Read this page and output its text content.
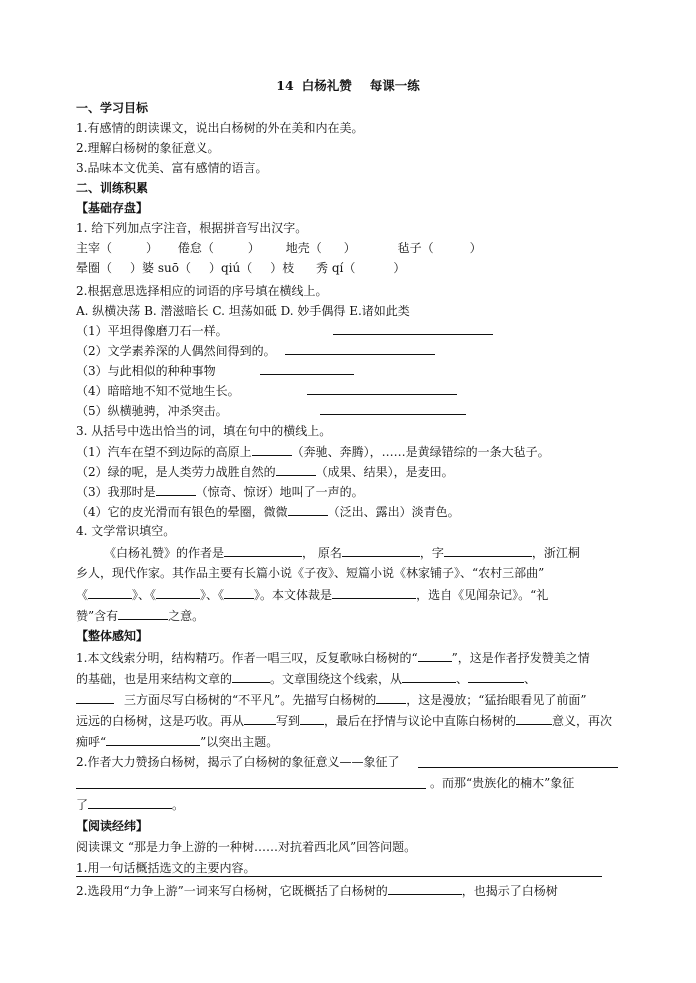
14 白杨礼赞 每课一练
一、学习目标
1.有感情的朗读课文，说出白杨树的外在美和内在美。
2.理解白杨树的象征意义。
3.品味本文优美、富有感情的语言。
二、训练积累
【基础存盘】
1. 给下列加点字注音，根据拼音写出汉字。
主宰（	） 倦怠（	） 地壳（ ）	毡子（	）
晕圈（ ）婆 suō（ ）qiú（ ）枝 秀 qí（	）
2.根据意思选择相应的词语的序号填在横线上。
A. 纵横决荡 B. 潜滋暗长 C. 坦荡如砥 D. 妙手偶得 E.诸如此类
（1）平坦得像磨刀石一样。
（2）文学素养深的人偶然间得到的。
（3）与此相似的种种事物
（4）暗暗地不知不觉地生长。
（5）纵横驰骋，冲杀突击。
3. 从括号中选出恰当的词，填在句中的横线上。
（1）汽车在望不到边际的高原上	（奔驰、奔腾），……是黄绿错综的一条大毡子。
（2）绿的呢，是人类劳力战胜自然的	（成果、结果），是麦田。
（3）我那时是	（惊奇、惊讶）地叫了一声的。
（4）它的皮光滑而有银色的晕圈，微微	（泛出、露出）淡青色。
4. 文学常识填空。
《白杨礼赞》的作者是	， 原名	，字	，浙江桐
乡人，现代作家。其作品主要有长篇小说《子夜》、短篇小说《林家铺子》、“农村三部曲”
《	》、《	》、《	》。本文体裁是	，选自《见闻杂记》。“礼
赞”含有	之意。
【整体感知】
1.本文线索分明，结构精巧。作者一唱三叹，反复歌咏白杨树的“	”，这是作者抒发赞美之情
的基础，也是用来结构文章的	。文章围绕这个线索，从	、	、
三方面尽写白杨树的“不平凡”。先描写白杨树的	，这是漫放；“猛抬眼看见了前面”
远远的白杨树，这是巧收。再从	写到 ，最后在抒情与议论中直陈白杨树的	意义，再次
痴呼“	”以突出主题。
2.作者大力赞扬白杨树，揭示了白杨树的象征意义——象征了
。而那“贵族化的楠木”象征
了	。
【阅读经纬】
阅读课文 “那是力争上游的一种树……对抗着西北风”回答问题。
1.用一句话概括选文的主要内容。
2.选段用“力争上游”一词来写白杨树，它既概括了白杨树的	，也揭示了白杨树
